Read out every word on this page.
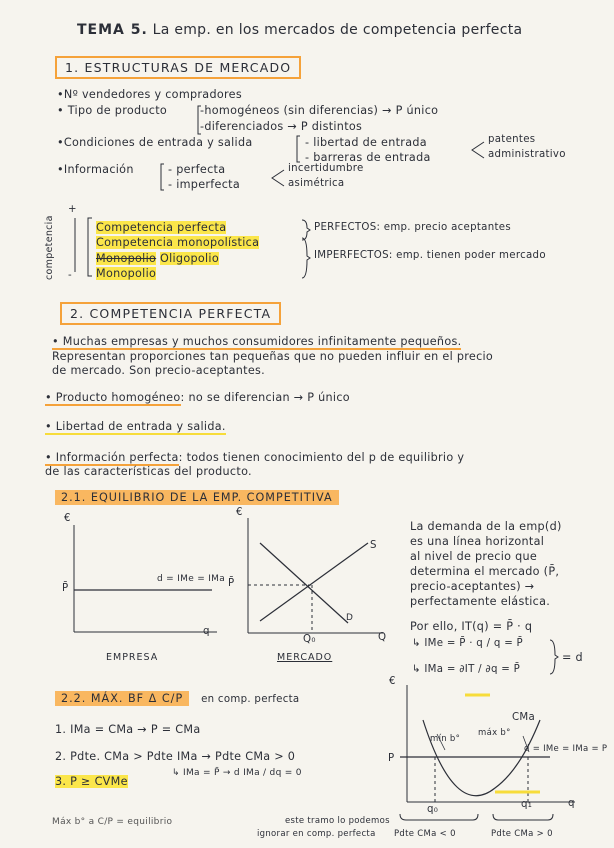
TEMA 5. La emp. en los mercados de competencia perfecta
1. ESTRUCTURAS DE MERCADO
•Nº vendedores y compradores
• Tipo de producto	-homogéneos (sin diferencias) → P único
-diferenciados → P distintos
•Condiciones de entrada y salida	- libertad de entrada
- barreras de entrada
patentes
administrativo
•Información	- perfecta
- imperfecta
incertidumbre
asimétrica
+
-
competencia	Competencia perfecta
Competencia monopolística
Monopolio Oligopolio
Monopolio
PERFECTOS: emp. precio aceptantes
IMPERFECTOS: emp. tienen poder mercado
2. COMPETENCIA PERFECTA
• Muchas empresas y muchos consumidores infinitamente pequeños.
Representan proporciones tan pequeñas que no pueden influir en el precio
de mercado. Son precio-aceptantes.
• Producto homogéneo: no se diferencian → P único
• Libertad de entrada y salida.
• Información perfecta: todos tienen conocimiento del p de equilibrio y
de las características del producto.
2.1. EQUILIBRIO DE LA EMP. COMPETITIVA
€
P̄
d = IMe = IMa
q
EMPRESA
€
P̄
S
D
Q₀	Q
MERCADO
La demanda de la emp(d)
es una línea horizontal
al nivel de precio que
determina el mercado (P̄,
precio-aceptantes) →
perfectamente elástica.
Por ello, IT(q) = P̄ · q
↳ IMe = P̄ · q / q = P̄
↳ IMa = ∂IT / ∂q = P̄
= d
2.2. MÁX. BF Δ C/P en comp. perfecta
1. IMa = CMa → P = CMa
2. Pdte. CMa > Pdte IMa → Pdte CMa > 0
↳ IMa = P̄ → d IMa / dq = 0
3. P ≥ CVMe
Máx b° a C/P = equilibrio	este tramo lo podemos
ignorar en comp. perfecta Pdte CMa < 0	Pdte CMa > 0
€
P
CMa
d = IMe = IMa = P
mín b°
máx b°
q₀	q₁	q
